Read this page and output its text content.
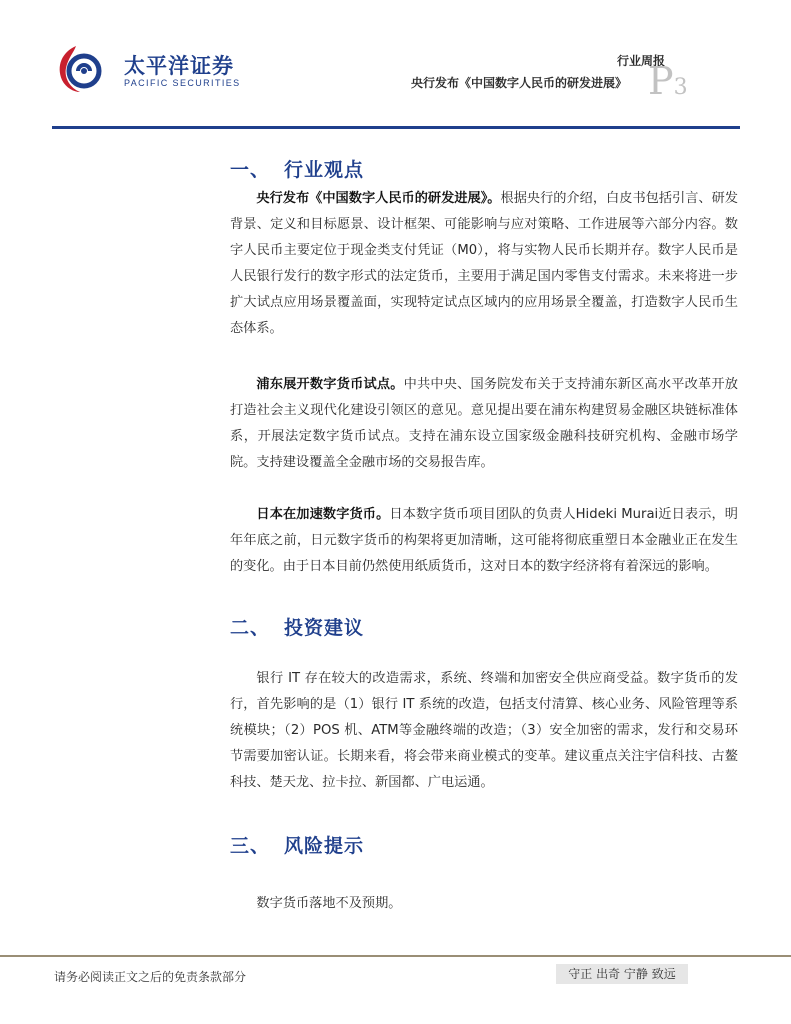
太平洋证券
PACIFIC SECURITIES
行业周报
央行发布《中国数字人民币的研发进展》 P3
一、 行业观点
央行发布《中国数字人民币的研发进展》。根据央行的介绍，白皮书包括引言、研发背景、定义和目标愿景、设计框架、可能影响与应对策略、工作进展等六部分内容。数字人民币主要定位于现金类支付凭证（M0），将与实物人民币长期并存。数字人民币是人民银行发行的数字形式的法定货币，主要用于满足国内零售支付需求。未来将进一步扩大试点应用场景覆盖面，实现特定试点区域内的应用场景全覆盖，打造数字人民币生态体系。
浦东展开数字货币试点。中共中央、国务院发布关于支持浦东新区高水平改革开放打造社会主义现代化建设引领区的意见。意见提出要在浦东构建贸易金融区块链标准体系，开展法定数字货币试点。支持在浦东设立国家级金融科技研究机构、金融市场学院。支持建设覆盖全金融市场的交易报告库。
日本在加速数字货币。日本数字货币项目团队的负责人Hideki Murai近日表示，明年年底之前，日元数字货币的构架将更加清晰，这可能将彻底重塑日本金融业正在发生的变化。由于日本目前仍然使用纸质货币，这对日本的数字经济将有着深远的影响。
二、 投资建议
银行 IT 存在较大的改造需求，系统、终端和加密安全供应商受益。数字货币的发行，首先影响的是（1）银行 IT 系统的改造，包括支付清算、核心业务、风险管理等系统模块；（2）POS 机、ATM等金融终端的改造；（3）安全加密的需求，发行和交易环节需要加密认证。长期来看，将会带来商业模式的变革。建议重点关注宇信科技、古鳌科技、楚天龙、拉卡拉、新国都、广电运通。
三、 风险提示
数字货币落地不及预期。
请务必阅读正文之后的免责条款部分	守正 出奇 宁静 致远
